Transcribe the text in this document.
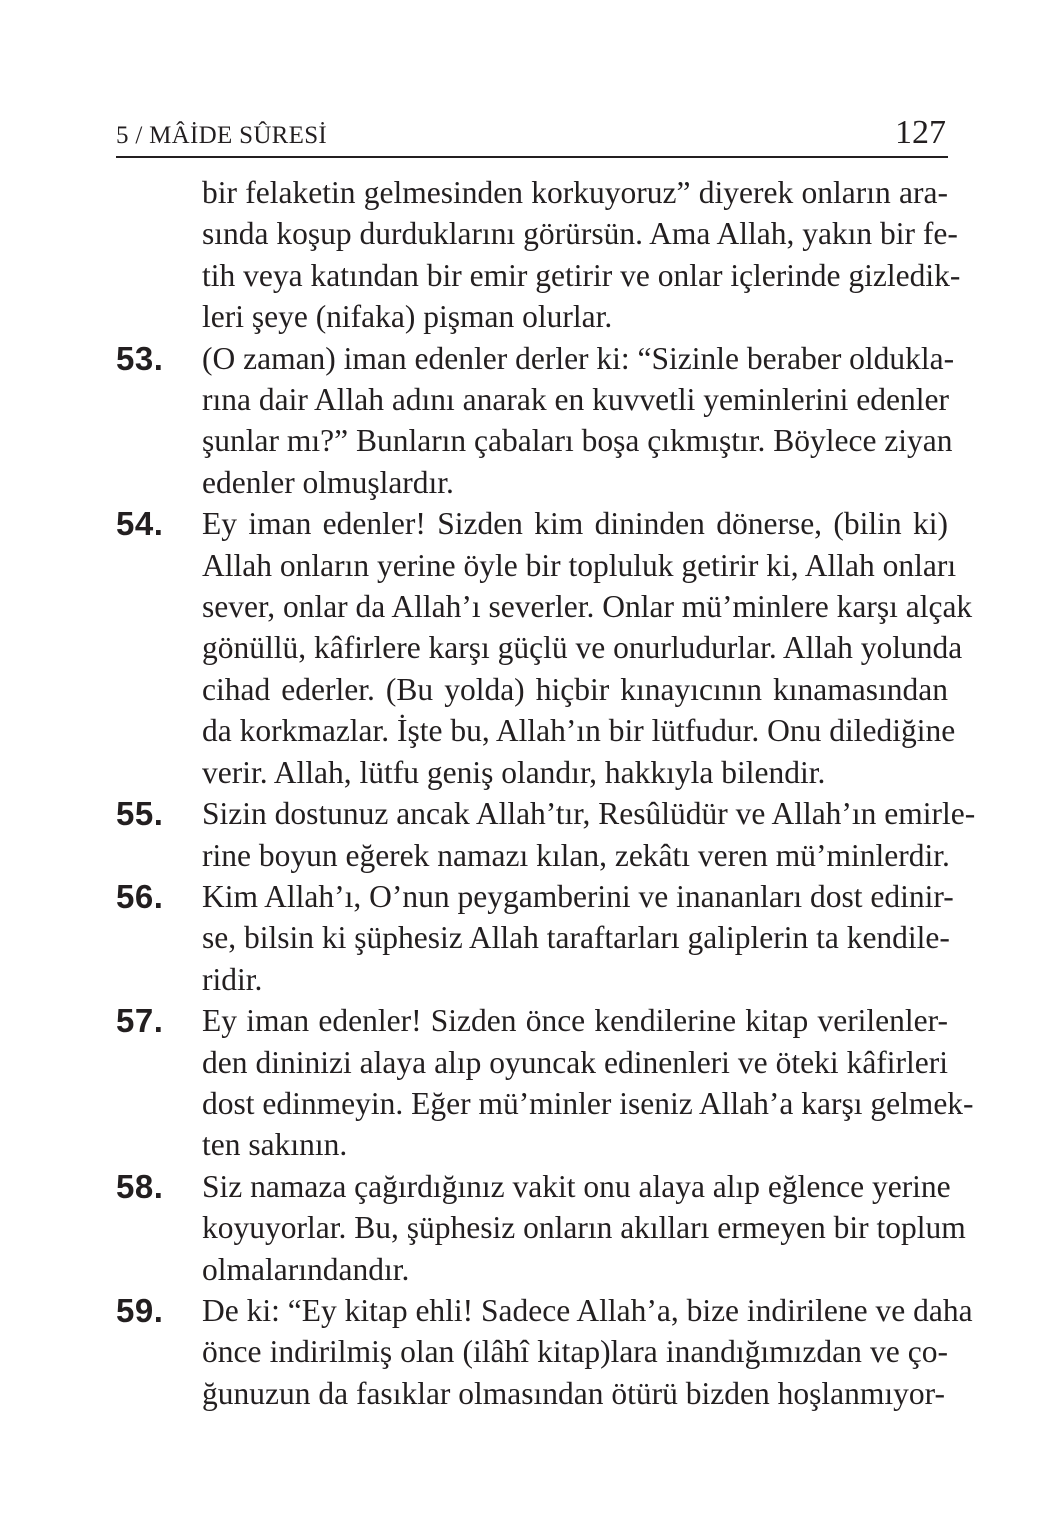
5 / MÂİDE SÛRESİ	127
bir felaketin gelmesinden korkuyoruz” diyerek onların ara-
sında koşup durduklarını görürsün. Ama Allah, yakın bir fe-
tih veya katından bir emir getirir ve onlar içlerinde gizledik-
leri şeye (nifaka) pişman olurlar.
53. (O zaman) iman edenler derler ki: “Sizinle beraber oldukla-
rına dair Allah adını anarak en kuvvetli yeminlerini edenler
şunlar mı?” Bunların çabaları boşa çıkmıştır. Böylece ziyan
edenler olmuşlardır.
54. Ey iman edenler! Sizden kim dininden dönerse, (bilin ki)
Allah onların yerine öyle bir topluluk getirir ki, Allah onları
sever, onlar da Allah’ı severler. Onlar mü’minlere karşı alçak
gönüllü, kâfirlere karşı güçlü ve onurludurlar. Allah yolunda
cihad ederler. (Bu yolda) hiçbir kınayıcının kınamasından
da korkmazlar. İşte bu, Allah’ın bir lütfudur. Onu dilediğine
verir. Allah, lütfu geniş olandır, hakkıyla bilendir.
55. Sizin dostunuz ancak Allah’tır, Resûlüdür ve Allah’ın emirle-
rine boyun eğerek namazı kılan, zekâtı veren mü’minlerdir.
56. Kim Allah’ı, O’nun peygamberini ve inananları dost edinir-
se, bilsin ki şüphesiz Allah taraftarları galiplerin ta kendile-
ridir.
57. Ey iman edenler! Sizden önce kendilerine kitap verilenler-
den dininizi alaya alıp oyuncak edinenleri ve öteki kâfirleri
dost edinmeyin. Eğer mü’minler iseniz Allah’a karşı gelmek-
ten sakının.
58. Siz namaza çağırdığınız vakit onu alaya alıp eğlence yerine
koyuyorlar. Bu, şüphesiz onların akılları ermeyen bir toplum
olmalarındandır.
59. De ki: “Ey kitap ehli! Sadece Allah’a, bize indirilene ve daha
önce indirilmiş olan (ilâhî kitap)lara inandığımızdan ve ço-
ğunuzun da fasıklar olmasından ötürü bizden hoşlanmıyor-
